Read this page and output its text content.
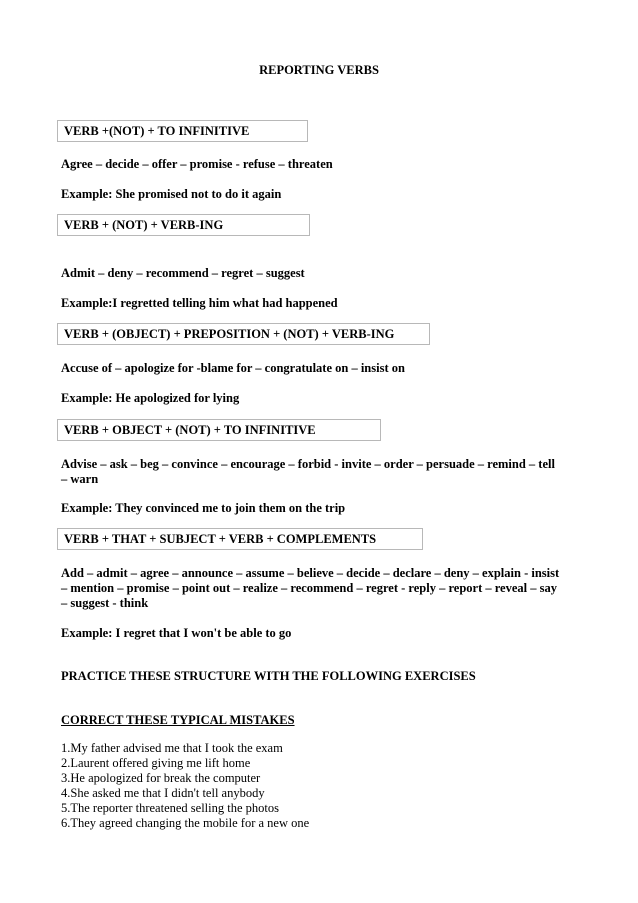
REPORTING VERBS
VERB +(NOT) + TO INFINITIVE
Agree – decide – offer – promise - refuse – threaten
Example: She promised not to do it again
VERB + (NOT) + VERB-ING
Admit – deny – recommend – regret – suggest
Example:I regretted telling him what had happened
VERB + (OBJECT) + PREPOSITION + (NOT) + VERB-ING
Accuse of – apologize for -blame for – congratulate on – insist on
Example: He apologized for lying
VERB + OBJECT + (NOT) + TO INFINITIVE
Advise – ask – beg – convince – encourage – forbid - invite – order – persuade – remind – tell
– warn
Example: They convinced me to join them on the trip
VERB + THAT + SUBJECT + VERB + COMPLEMENTS
Add – admit – agree – announce – assume – believe – decide – declare – deny – explain - insist
– mention – promise – point out – realize – recommend – regret - reply – report – reveal – say
– suggest - think
Example: I regret that I won't be able to go
PRACTICE THESE STRUCTURE WITH THE FOLLOWING EXERCISES
CORRECT THESE TYPICAL MISTAKES
1.My father advised me that I took the exam
2.Laurent offered giving me lift home
3.He apologized for break the computer
4.She asked me that I didn't tell anybody
5.The reporter threatened selling the photos
6.They agreed changing the mobile for a new one
